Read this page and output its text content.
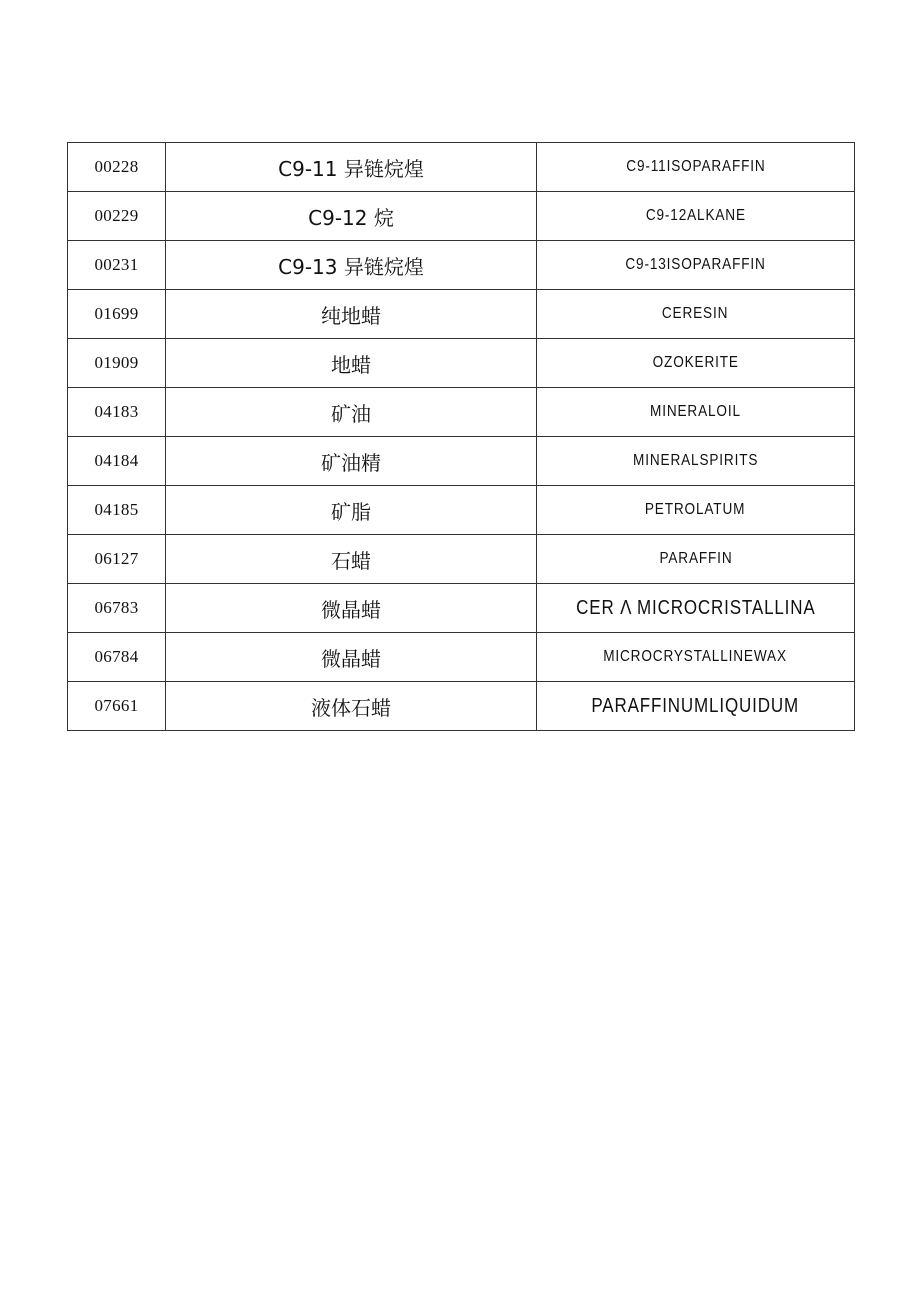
00228	C9-11 异链烷煌	C9-11ISOPARAFFIN
00229	C9-12 烷	C9-12ALKANE
00231	C9-13 异链烷煌	C9-13ISOPARAFFIN
01699	纯地蜡	CERESIN
01909	地蜡	OZOKERITE
04183	矿油	MINERALOIL
04184	矿油精	MINERALSPIRITS
04185	矿脂	PETROLATUM
06127	石蜡	PARAFFIN
06783	微晶蜡	CER Λ MICROCRISTALLINA
06784	微晶蜡	MICROCRYSTALLINEWAX
07661	液体石蜡	PARAFFINUMLIQUIDUM
